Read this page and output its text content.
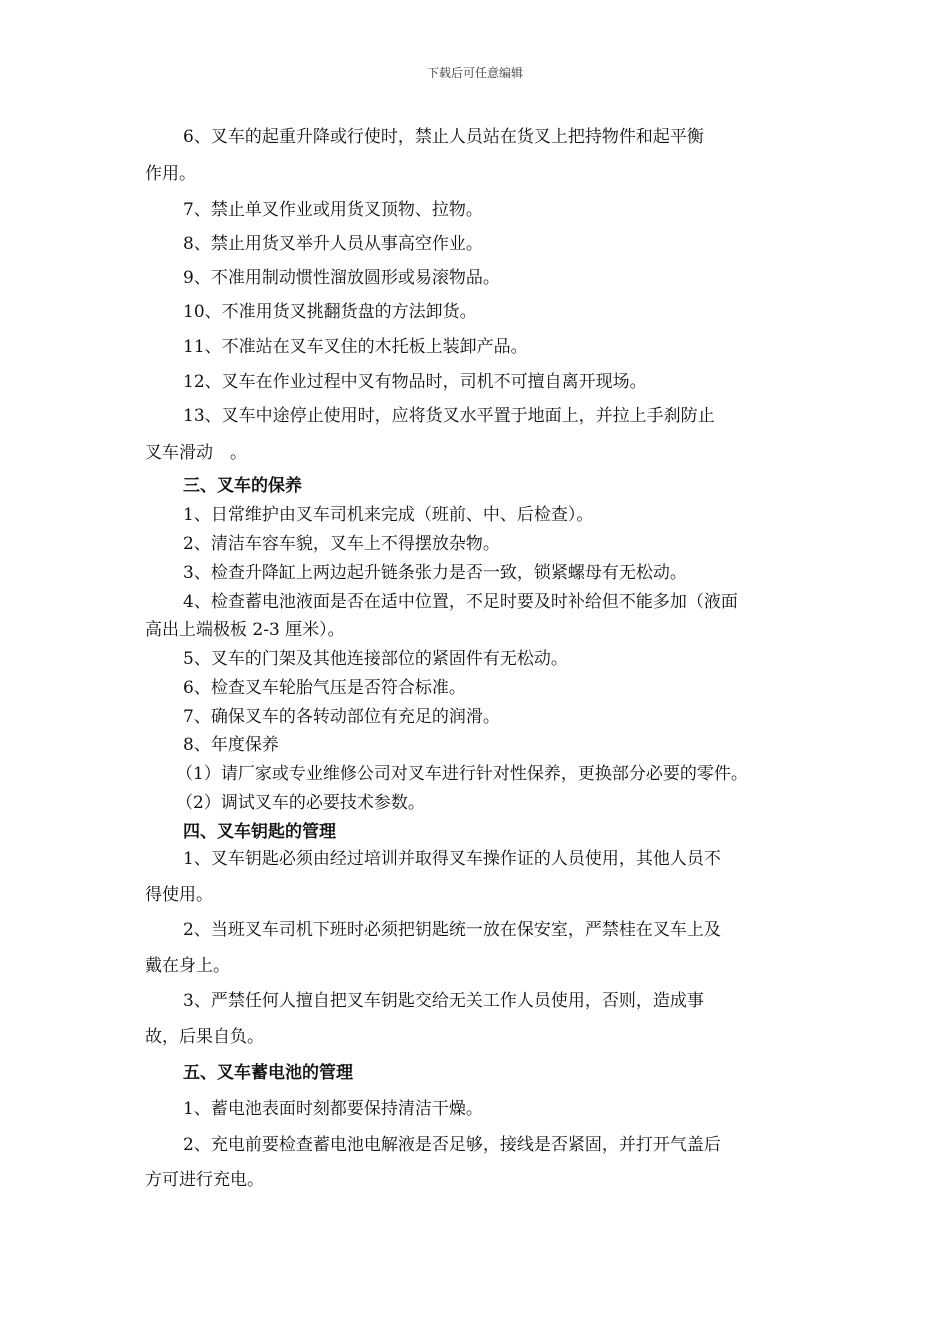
下载后可任意编辑
6、叉车的起重升降或行使时，禁止人员站在货叉上把持物件和起平衡
作用。
7、禁止单叉作业或用货叉顶物、拉物。
8、禁止用货叉举升人员从事高空作业。
9、不准用制动惯性溜放圆形或易滚物品。
10、不准用货叉挑翻货盘的方法卸货。
11、不准站在叉车叉住的木托板上装卸产品。
12、叉车在作业过程中叉有物品时，司机不可擅自离开现场。
13、叉车中途停止使用时，应将货叉水平置于地面上，并拉上手刹防止
叉车滑动　。
三、叉车的保养
1、日常维护由叉车司机来完成（班前、中、后检查）。
2、清洁车容车貌，叉车上不得摆放杂物。
3、检查升降缸上两边起升链条张力是否一致，锁紧螺母有无松动。
4、检查蓄电池液面是否在适中位置，不足时要及时补给但不能多加（液面
高出上端极板 2-3 厘米）。
5、叉车的门架及其他连接部位的紧固件有无松动。
6、检查叉车轮胎气压是否符合标准。
7、确保叉车的各转动部位有充足的润滑。
8、年度保养
（1）请厂家或专业维修公司对叉车进行针对性保养，更换部分必要的零件。
（2）调试叉车的必要技术参数。
四、叉车钥匙的管理
1、叉车钥匙必须由经过培训并取得叉车操作证的人员使用，其他人员不
得使用。
2、当班叉车司机下班时必须把钥匙统一放在保安室，严禁桂在叉车上及
戴在身上。
3、严禁任何人擅自把叉车钥匙交给无关工作人员使用，否则，造成事
故，后果自负。
五、叉车蓄电池的管理
1、蓄电池表面时刻都要保持清洁干燥。
2、充电前要检查蓄电池电解液是否足够，接线是否紧固，并打开气盖后
方可进行充电。
